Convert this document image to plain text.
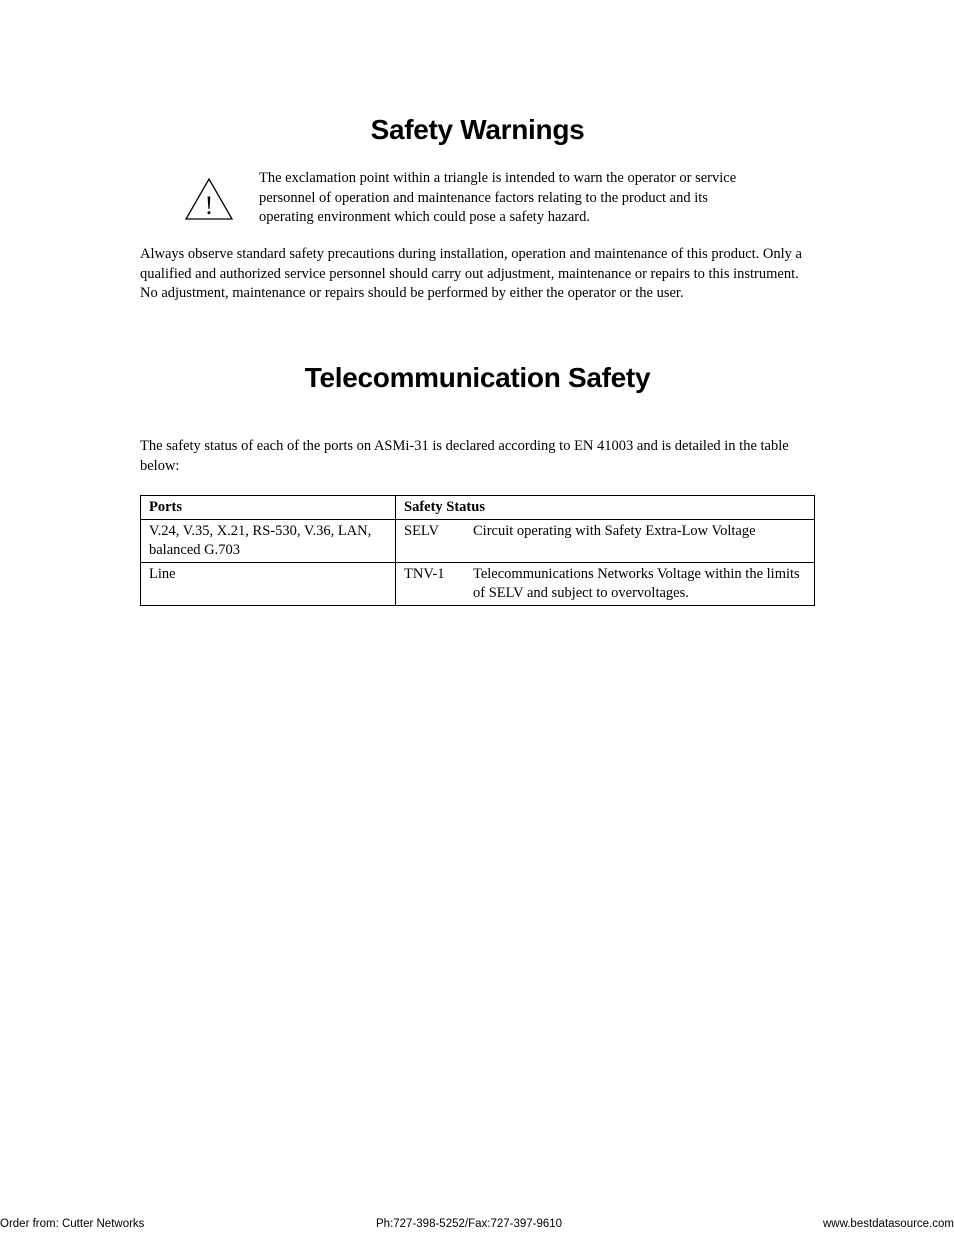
Safety Warnings
!
The exclamation point within a triangle is intended to warn the operator or service personnel of operation and maintenance factors relating to the product and its operating environment which could pose a safety hazard.
Always observe standard safety precautions during installation, operation and maintenance of this product. Only a qualified and authorized service personnel should carry out adjustment, maintenance or repairs to this instrument. No adjustment, maintenance or repairs should be performed by either the operator or the user.
Telecommunication Safety
The safety status of each of the ports on ASMi-31 is declared according to EN 41003 and is detailed in the table below:
Ports	Safety Status
V.24, V.35, X.21, RS-530, V.36, LAN, balanced G.703	SELV Circuit operating with Safety Extra-Low Voltage

Line	TNV-1 Telecommunications Networks Voltage within the limits of SELV and subject to overvoltages.
Order from: Cutter Networks	Ph:727-398-5252/Fax:727-397-9610	www.bestdatasource.com
